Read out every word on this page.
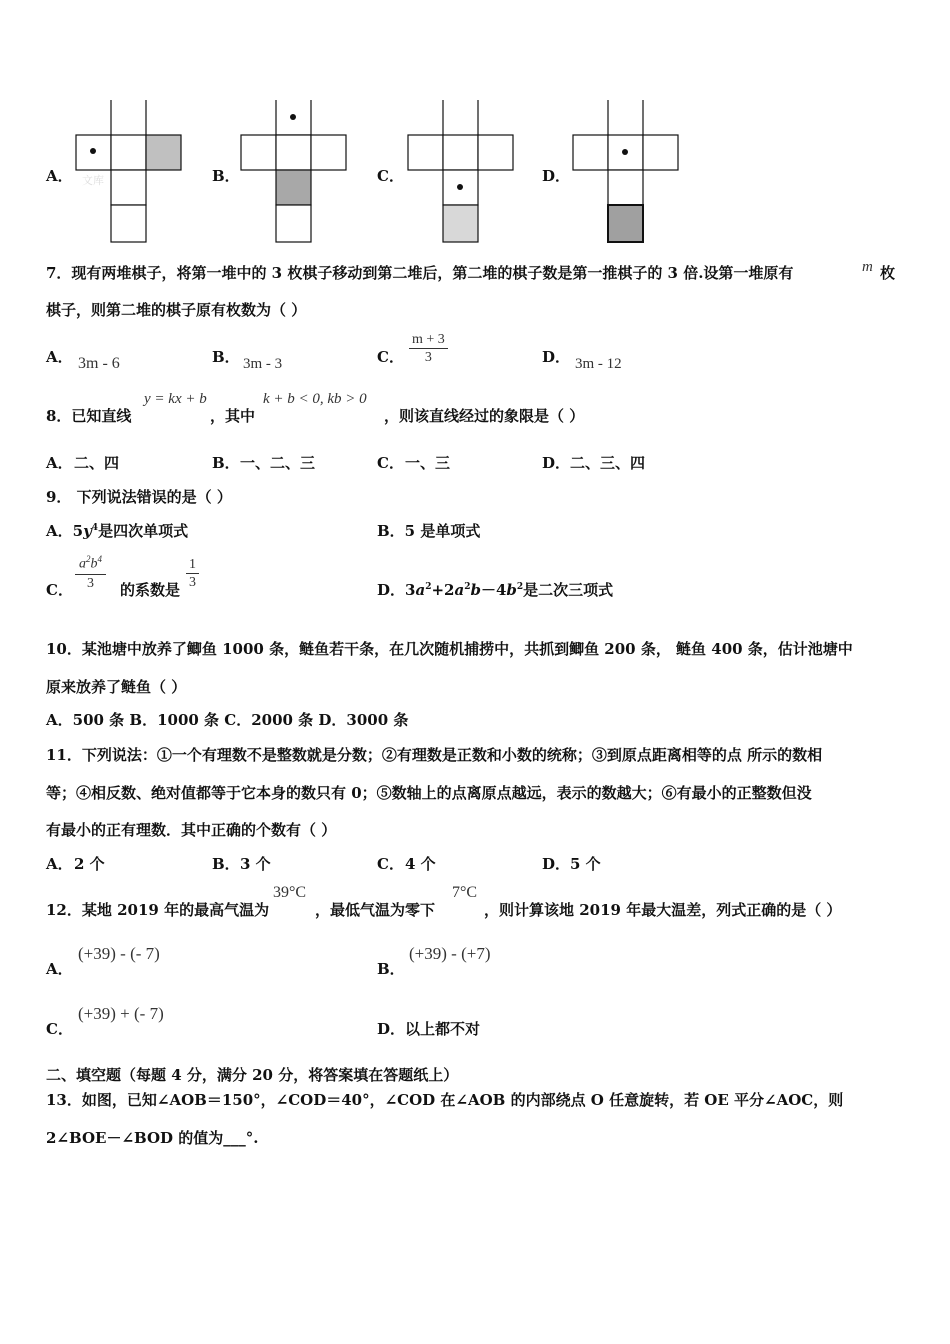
A． 文库	B．	C．	D．
7．现有两堆棋子，将第一堆中的 3 枚棋子移动到第二堆后，第二堆的棋子数是第一推棋子的 3 倍.设第一堆原有	m 枚
棋子，则第二堆的棋子原有枚数为（ ）
A． 3m - 6	B． 3m - 3	C． $\frac{m + 3}{3}$	D． 3m - 12
8．已知直线
y = kx + b
，其中
k + b < 0, kb > 0
，则该直线经过的象限是（ ）
A． 二、四	B． 一、二、三	C． 一、三	D． 二、三、四
9． 下列说法错误的是（ ）
A．$5y^4$是四次单项式	B．5 是单项式
C． $\frac{a^2b^4}{3}$ 的系数是 $\frac{1}{3}$	D．$3a^2+2a^2b-4b^2$是二次三项式
10．某池塘中放养了鲫鱼 1000 条，鲢鱼若干条，在几次随机捕捞中，共抓到鲫鱼 200 条， 鲢鱼 400 条，估计池塘中
原来放养了鲢鱼（ ）
A．500 条 B．1000 条 C．2000 条 D．3000 条
11．下列说法：①一个有理数不是整数就是分数；②有理数是正数和小数的统称；③到原点距离相等的点 所示的数相
等；④相反数、绝对值都等于它本身的数只有 0；⑤数轴上的点离原点越远，表示的数越大；⑥有最小的正整数但没
有最小的正有理数．其中正确的个数有（ ）
A． 2 个	B． 3 个	C． 4 个	D． 5 个
12．某地 2019 年的最高气温为
39°C
，最低气温为零下
7°C
，则计算该地 2019 年最大温差，列式正确的是（ ）
A．
(+39) - (- 7)
B．
(+39) - (+7)
C．
(+39) + (- 7)
D． 以上都不对
二、填空题（每题 4 分，满分 20 分，将答案填在答题纸上）
13．如图，已知∠AOB＝150°，∠COD＝40°，∠COD 在∠AOB 的内部绕点 O 任意旋转，若 OE 平分∠AOC，则
2∠BOE－∠BOD 的值为___°.
